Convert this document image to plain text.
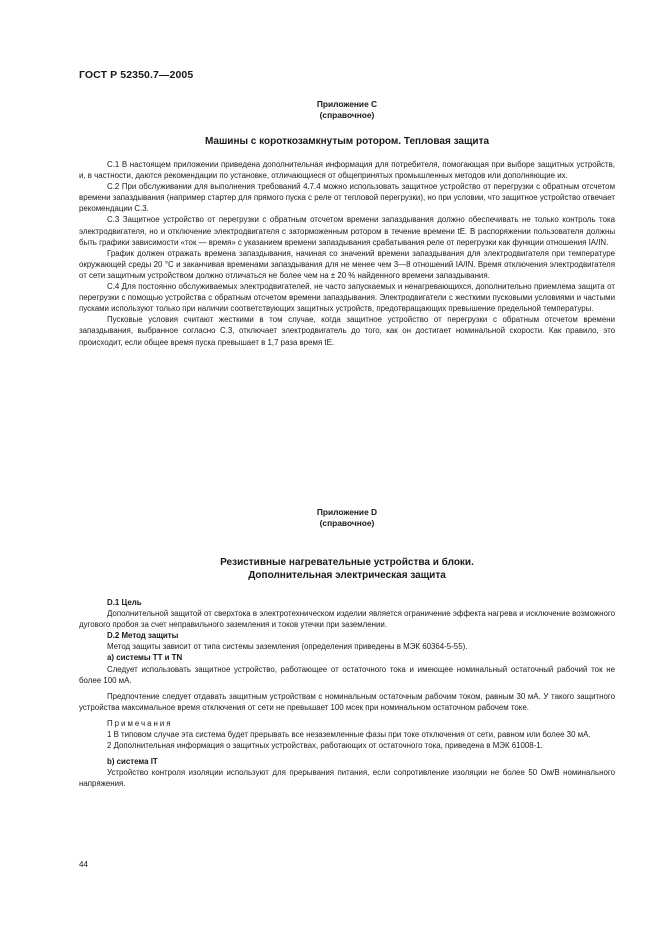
ГОСТ Р 52350.7—2005
Приложение С
(справочное)
Машины с короткозамкнутым ротором. Тепловая защита

С.1 В настоящем приложении приведена дополнительная информация для потребителя, помогающая при выборе защитных устройств, и, в частности, даются рекомендации по установке, отличающиеся от общепринятых промышленных методов или дополняющие их.

С.2 При обслуживании для выполнения требований 4.7.4 можно использовать защитное устройство от перегрузки с обратным отсчетом времени запаздывания (например стартер для прямого пуска с реле от тепловой перегрузки), но при условии, что защитное устройство отвечает рекомендации С.3.

С.3 Защитное устройство от перегрузки с обратным отсчетом времени запаздывания должно обеспечивать не только контроль тока электродвигателя, но и отключение электродвигателя с заторможенным ротором в течение времени tE. В распоряжении пользователя должны быть графики зависимости «ток — время» с указанием времени запаздывания срабатывания реле от перегрузки как функции отношения IA/IN.

График должен отражать времена запаздывания, начиная со значений времени запаздывания для электродвигателя при температуре окружающей среды 20 °С и заканчивая временами запаздывания для не менее чем 3—8 отношений IA/IN. Время отключения электродвигателя от сети защитным устройством должно отличаться не более чем на ± 20 % найденного времени запаздывания.

С.4 Для постоянно обслуживаемых электродвигателей, не часто запускаемых и ненагревающихся, дополнительно приемлема защита от перегрузки с помощью устройства с обратным отсчетом времени запаздывания. Электродвигатели с жесткими пусковыми условиями и частыми пусками используют только при наличии соответствующих защитных устройств, предотвращающих превышение предельной температуры.

Пусковые условия считают жесткими в том случае, когда защитное устройство от перегрузки с обратным отсчетом времени запаздывания, выбранное согласно С.3, отключает электродвигатель до того, как он достигает номинальной скорости. Как правило, это происходит, если общее время пуска превышает в 1,7 раза время tE.

Приложение D
(справочное)
Резистивные нагревательные устройства и блоки.
Дополнительная электрическая защита

D.1 Цель

Дополнительной защитой от сверхтока в электротехническом изделии является ограничение эффекта нагрева и исключение возможного дугового пробоя за счет неправильного заземления и токов утечки при заземлении.

D.2 Метод защиты

Метод защиты зависит от типа системы заземления (определения приведены в МЭК 60364-5-55).

а) системы ТТ и TN

Следует использовать защитное устройство, работающее от остаточного тока и имеющее номинальный остаточный рабочий ток не более 100 мА.

Предпочтение следует отдавать защитным устройствам с номинальным остаточным рабочим током, равным 30 мА. У такого защитного устройства максимальное время отключения от сети не превышает 100 мсек при номинальном остаточном рабочем токе.

Примечания

1 В типовом случае эта система будет прерывать все незаземленные фазы при токе отключения от сети, равном или более 30 мА.

2 Дополнительная информация о защитных устройствах, работающих от остаточного тока, приведена в МЭК 61008-1.

b) система IT

Устройство контроля изоляции используют для прерывания питания, если сопротивление изоляции не более 50 Ом/В номинального напряжения.

44
